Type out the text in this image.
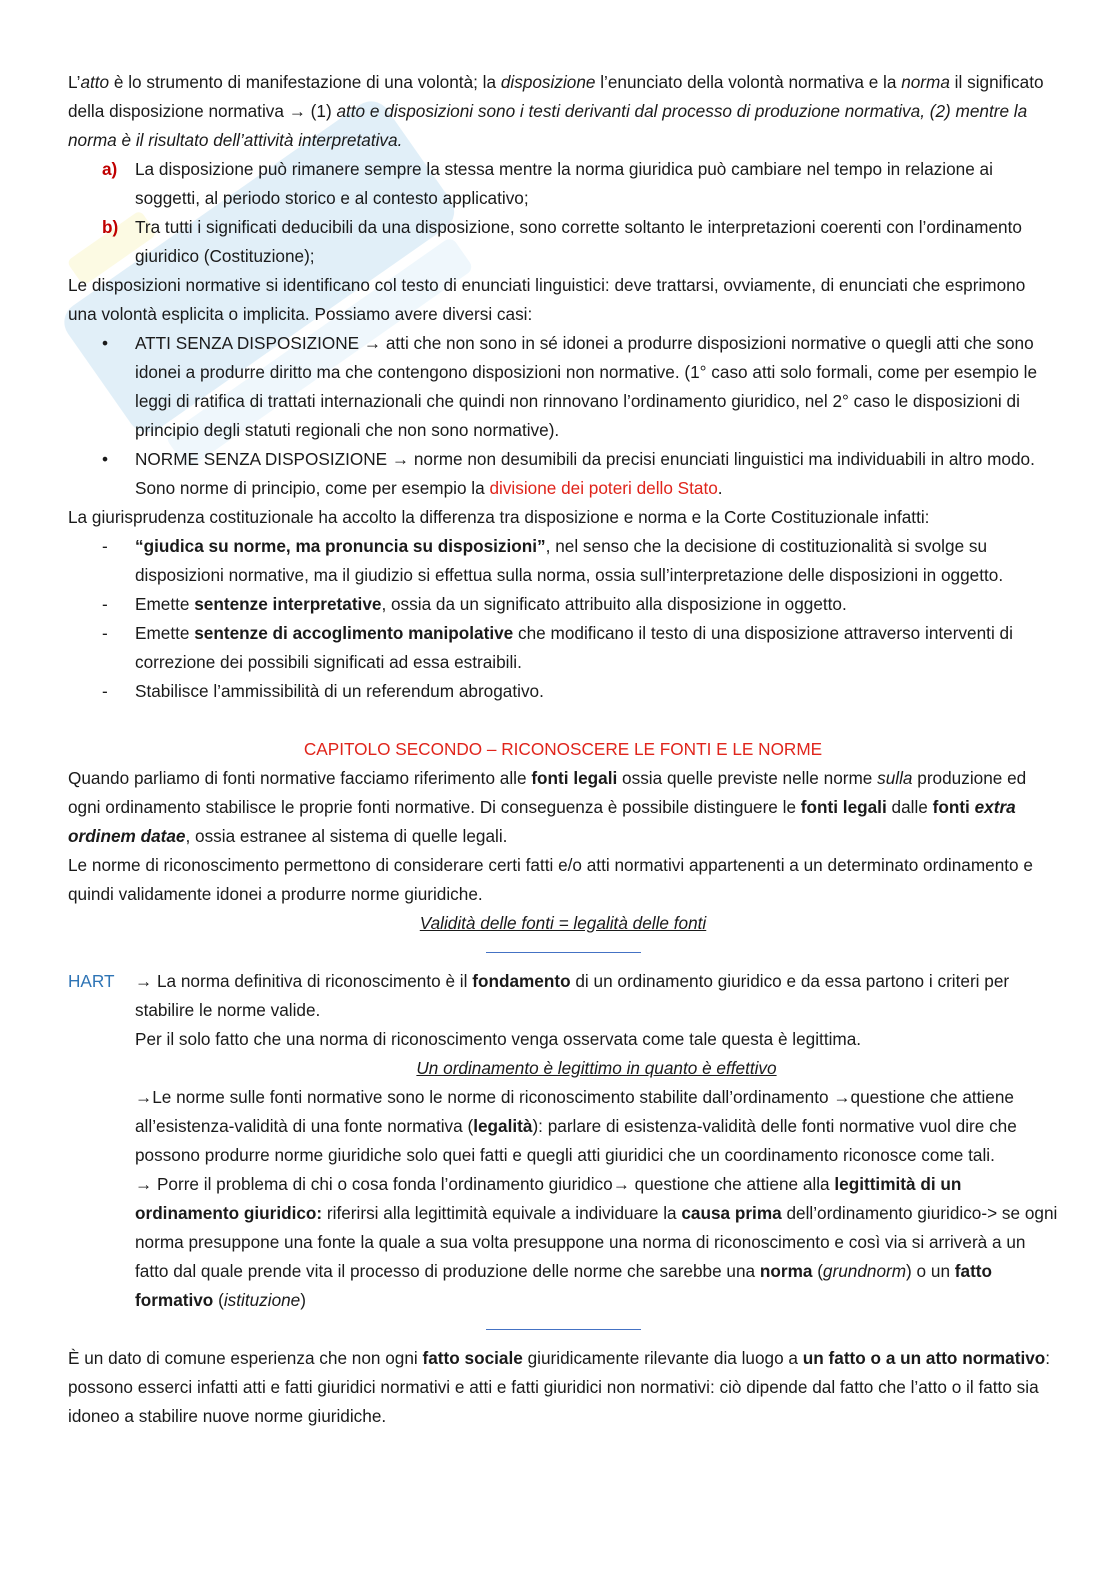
L’atto è lo strumento di manifestazione di una volontà; la disposizione l’enunciato della volontà normativa e la norma il significato della disposizione normativa → (1) atto e disposizioni sono i testi derivanti dal processo di produzione normativa, (2) mentre la norma è il risultato dell’attività interpretativa.

a) La disposizione può rimanere sempre la stessa mentre la norma giuridica può cambiare nel tempo in relazione ai soggetti, al periodo storico e al contesto applicativo;
b) Tra tutti i significati deducibili da una disposizione, sono corrette soltanto le interpretazioni coerenti con l’ordinamento giuridico (Costituzione);

Le disposizioni normative si identificano col testo di enunciati linguistici: deve trattarsi, ovviamente, di enunciati che esprimono una volontà esplicita o implicita. Possiamo avere diversi casi:

• ATTI SENZA DISPOSIZIONE → atti che non sono in sé idonei a produrre disposizioni normative o quegli atti che sono idonei a produrre diritto ma che contengono disposizioni non normative. (1° caso atti solo formali, come per esempio le leggi di ratifica di trattati internazionali che quindi non rinnovano l’ordinamento giuridico, nel 2° caso le disposizioni di principio degli statuti regionali che non sono normative).
• NORME SENZA DISPOSIZIONE → norme non desumibili da precisi enunciati linguistici ma individuabili in altro modo. Sono norme di principio, come per esempio la divisione dei poteri dello Stato.

La giurisprudenza costituzionale ha accolto la differenza tra disposizione e norma e la Corte Costituzionale infatti:

- “giudica su norme, ma pronuncia su disposizioni”, nel senso che la decisione di costituzionalità si svolge su disposizioni normative, ma il giudizio si effettua sulla norma, ossia sull’interpretazione delle disposizioni in oggetto.
- Emette sentenze interpretative, ossia da un significato attribuito alla disposizione in oggetto.
- Emette sentenze di accoglimento manipolative che modificano il testo di una disposizione attraverso interventi di correzione dei possibili significati ad essa estraibili.
- Stabilisce l’ammissibilità di un referendum abrogativo.

CAPITOLO SECONDO – RICONOSCERE LE FONTI E LE NORME

Quando parliamo di fonti normative facciamo riferimento alle fonti legali ossia quelle previste nelle norme sulla produzione ed ogni ordinamento stabilisce le proprie fonti normative. Di conseguenza è possibile distinguere le fonti legali dalle fonti extra ordinem datae, ossia estranee al sistema di quelle legali.

Le norme di riconoscimento permettono di considerare certi fatti e/o atti normativi appartenenti a un determinato ordinamento e quindi validamente idonei a produrre norme giuridiche.

Validità delle fonti = legalità delle fonti

HART → La norma definitiva di riconoscimento è il fondamento di un ordinamento giuridico e da essa partono i criteri per stabilire le norme valide.

Per il solo fatto che una norma di riconoscimento venga osservata come tale questa è legittima.

Un ordinamento è legittimo in quanto è effettivo

→Le norme sulle fonti normative sono le norme di riconoscimento stabilite dall’ordinamento →questione che attiene all’esistenza-validità di una fonte normativa (legalità): parlare di esistenza-validità delle fonti normative vuol dire che possono produrre norme giuridiche solo quei fatti e quegli atti giuridici che un coordinamento riconosce come tali.

→ Porre il problema di chi o cosa fonda l’ordinamento giuridico→ questione che attiene alla legittimità di un ordinamento giuridico: riferirsi alla legittimità equivale a individuare la causa prima dell’ordinamento giuridico-> se ogni norma presuppone una fonte la quale a sua volta presuppone una norma di riconoscimento e così via si arriverà a un fatto dal quale prende vita il processo di produzione delle norme che sarebbe una norma (grundnorm) o un fatto formativo (istituzione)

È un dato di comune esperienza che non ogni fatto sociale giuridicamente rilevante dia luogo a un fatto o a un atto normativo: possono esserci infatti atti e fatti giuridici normativi e atti e fatti giuridici non normativi: ciò dipende dal fatto che l’atto o il fatto sia idoneo a stabilire nuove norme giuridiche.
